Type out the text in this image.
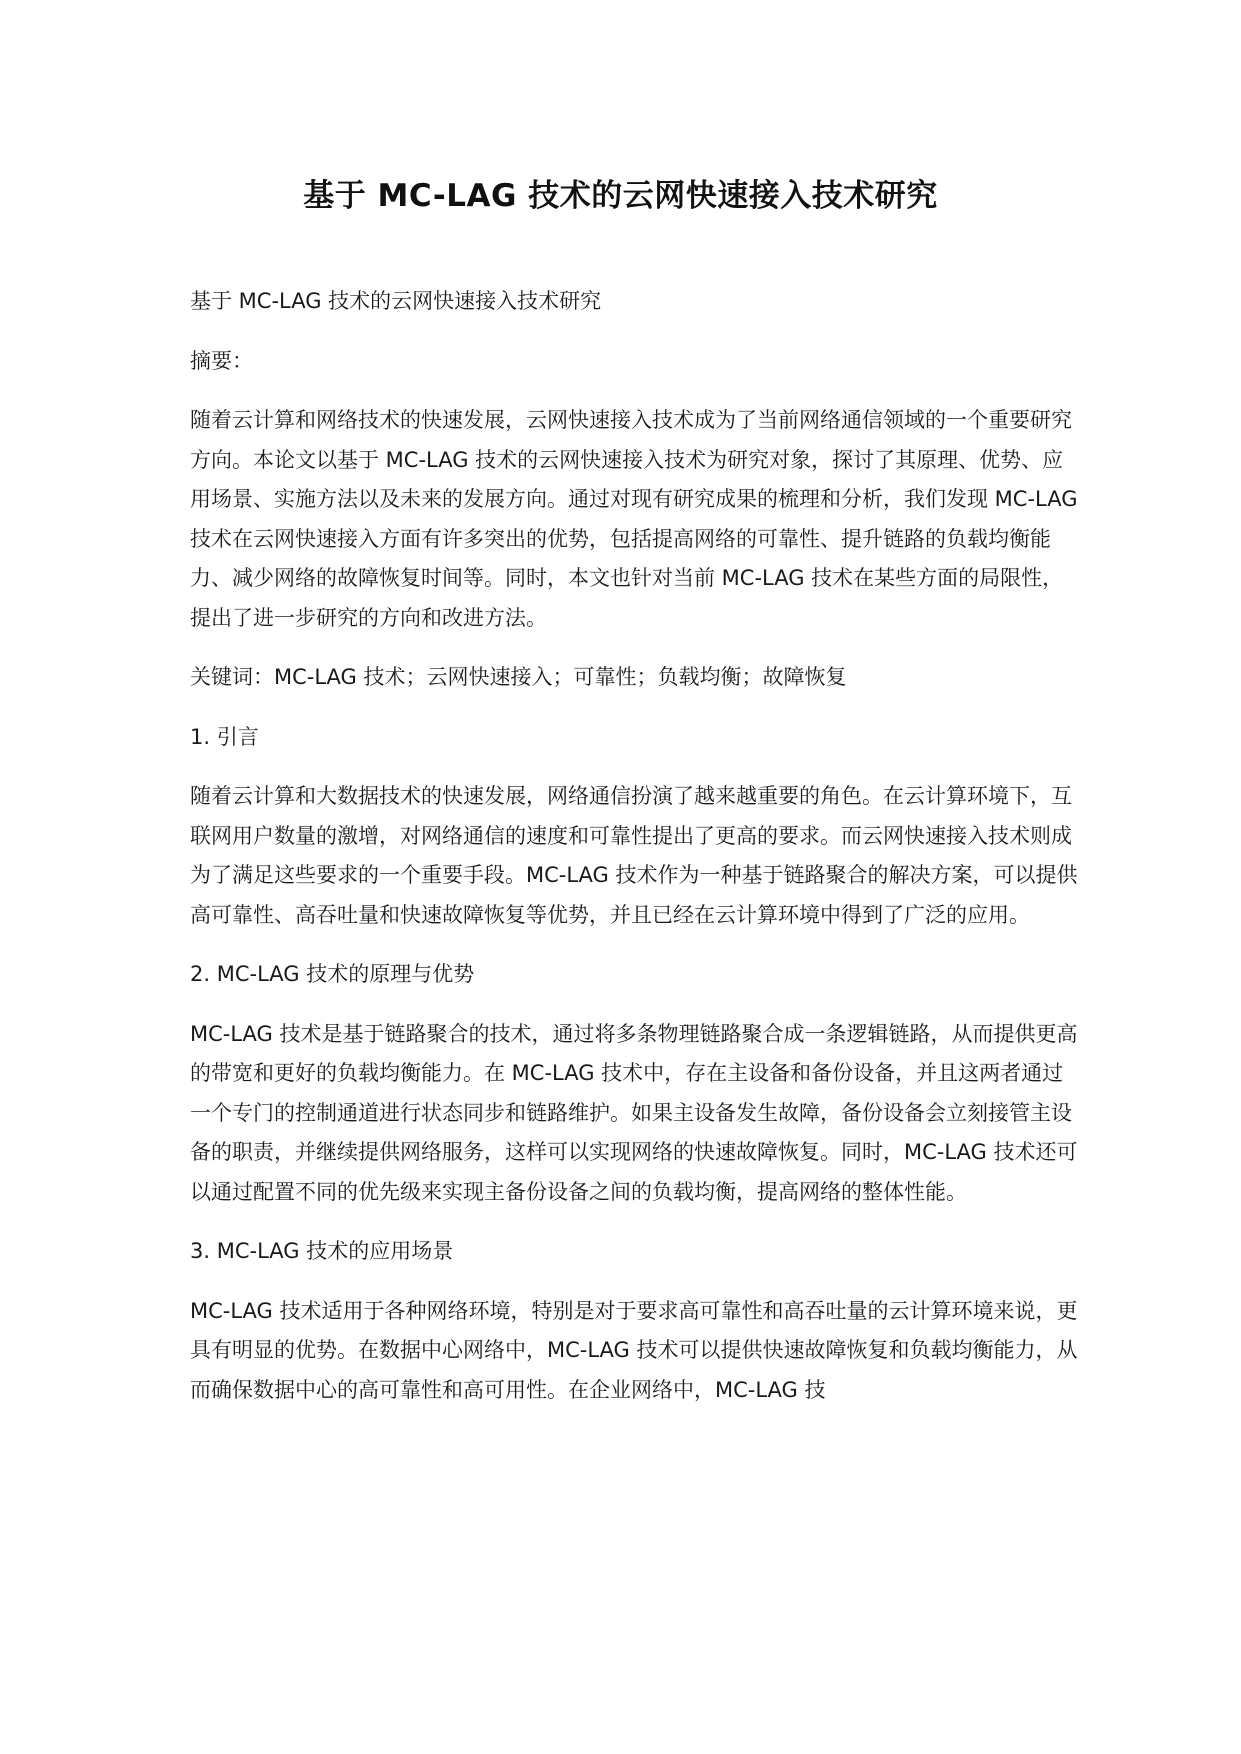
基于 MC-LAG 技术的云网快速接入技术研究

基于 MC-LAG 技术的云网快速接入技术研究

摘要：

随着云计算和网络技术的快速发展，云网快速接入技术成为了当前网络通信领域的一个重要研究方向。本论文以基于 MC-LAG 技术的云网快速接入技术为研究对象，探讨了其原理、优势、应用场景、实施方法以及未来的发展方向。通过对现有研究成果的梳理和分析，我们发现 MC-LAG 技术在云网快速接入方面有许多突出的优势，包括提高网络的可靠性、提升链路的负载均衡能力、减少网络的故障恢复时间等。同时，本文也针对当前 MC-LAG 技术在某些方面的局限性，提出了进一步研究的方向和改进方法。

关键词：MC-LAG 技术；云网快速接入；可靠性；负载均衡；故障恢复

1. 引言

随着云计算和大数据技术的快速发展，网络通信扮演了越来越重要的角色。在云计算环境下，互联网用户数量的激增，对网络通信的速度和可靠性提出了更高的要求。而云网快速接入技术则成为了满足这些要求的一个重要手段。MC-LAG 技术作为一种基于链路聚合的解决方案，可以提供高可靠性、高吞吐量和快速故障恢复等优势，并且已经在云计算环境中得到了广泛的应用。

2. MC-LAG 技术的原理与优势

MC-LAG 技术是基于链路聚合的技术，通过将多条物理链路聚合成一条逻辑链路，从而提供更高的带宽和更好的负载均衡能力。在 MC-LAG 技术中，存在主设备和备份设备，并且这两者通过一个专门的控制通道进行状态同步和链路维护。如果主设备发生故障，备份设备会立刻接管主设备的职责，并继续提供网络服务，这样可以实现网络的快速故障恢复。同时，MC-LAG 技术还可以通过配置不同的优先级来实现主备份设备之间的负载均衡，提高网络的整体性能。

3. MC-LAG 技术的应用场景

MC-LAG 技术适用于各种网络环境，特别是对于要求高可靠性和高吞吐量的云计算环境来说，更具有明显的优势。在数据中心网络中，MC-LAG 技术可以提供快速故障恢复和负载均衡能力，从而确保数据中心的高可靠性和高可用性。在企业网络中，MC-LAG 技
